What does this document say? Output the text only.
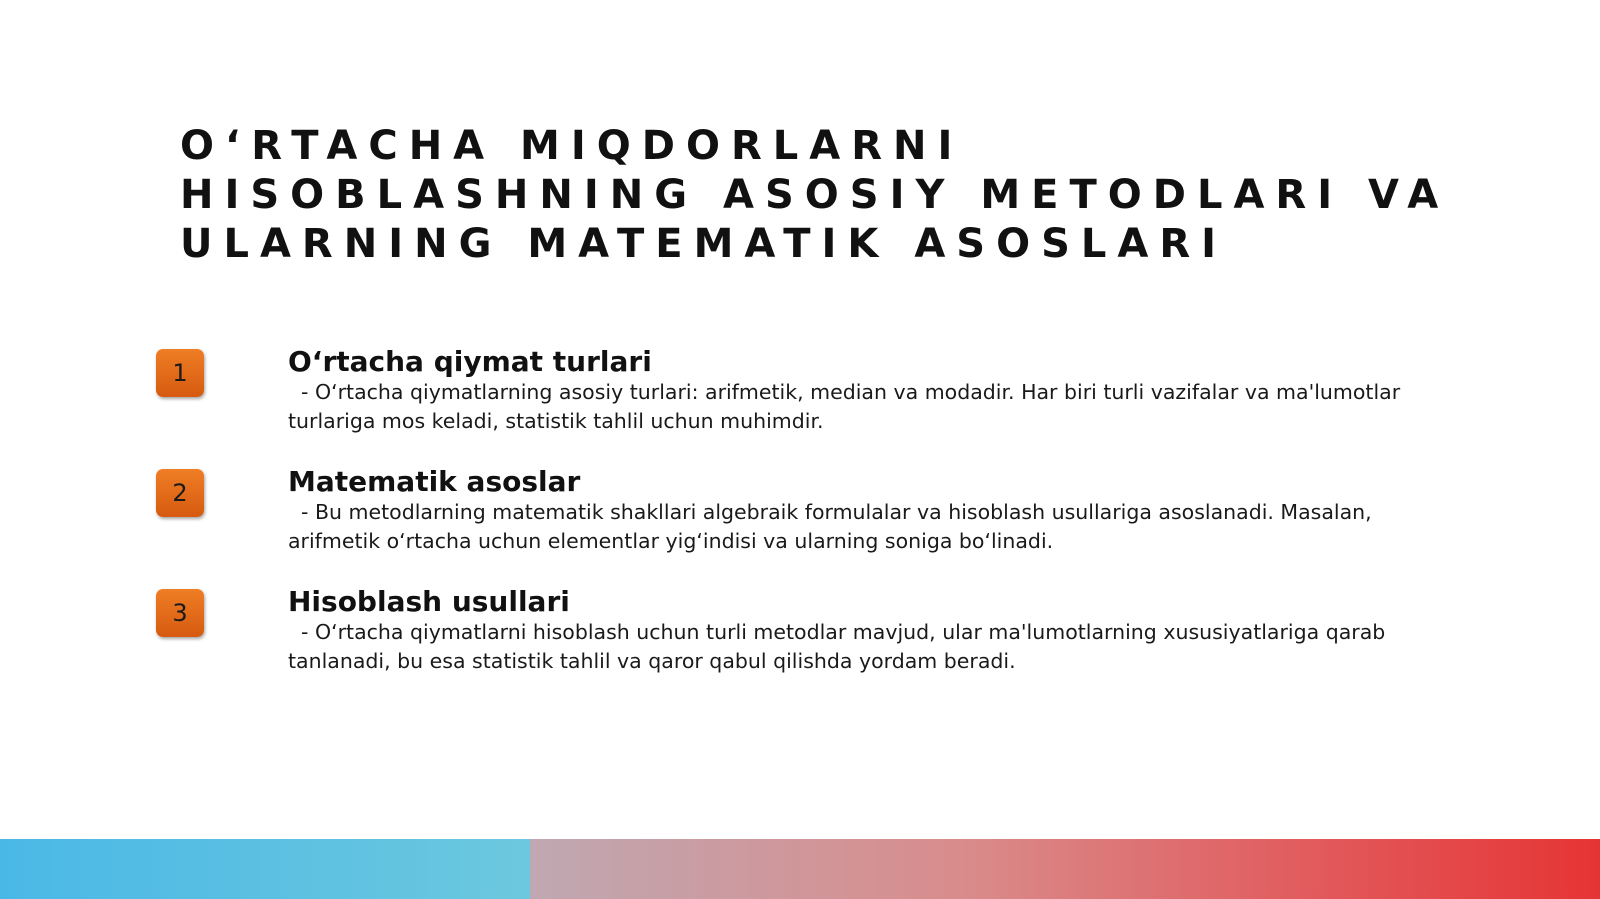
O‘RTACHA MIQDORLARNI HISOBLASHNING ASOSIY METODLARI VA ULARNING MATEMATIK ASOSLARI
1	O‘rtacha qiymat turlari

- O‘rtacha qiymatlarning asosiy turlari: arifmetik, median va modadir. Har biri turli vazifalar va ma'lumotlar turlariga mos keladi, statistik tahlil uchun muhimdir.

2	Matematik asoslar

- Bu metodlarning matematik shakllari algebraik formulalar va hisoblash usullariga asoslanadi. Masalan, arifmetik o‘rtacha uchun elementlar yig‘indisi va ularning soniga bo‘linadi.

3	Hisoblash usullari

- O‘rtacha qiymatlarni hisoblash uchun turli metodlar mavjud, ular ma'lumotlarning xususiyatlariga qarab tanlanadi, bu esa statistik tahlil va qaror qabul qilishda yordam beradi.
